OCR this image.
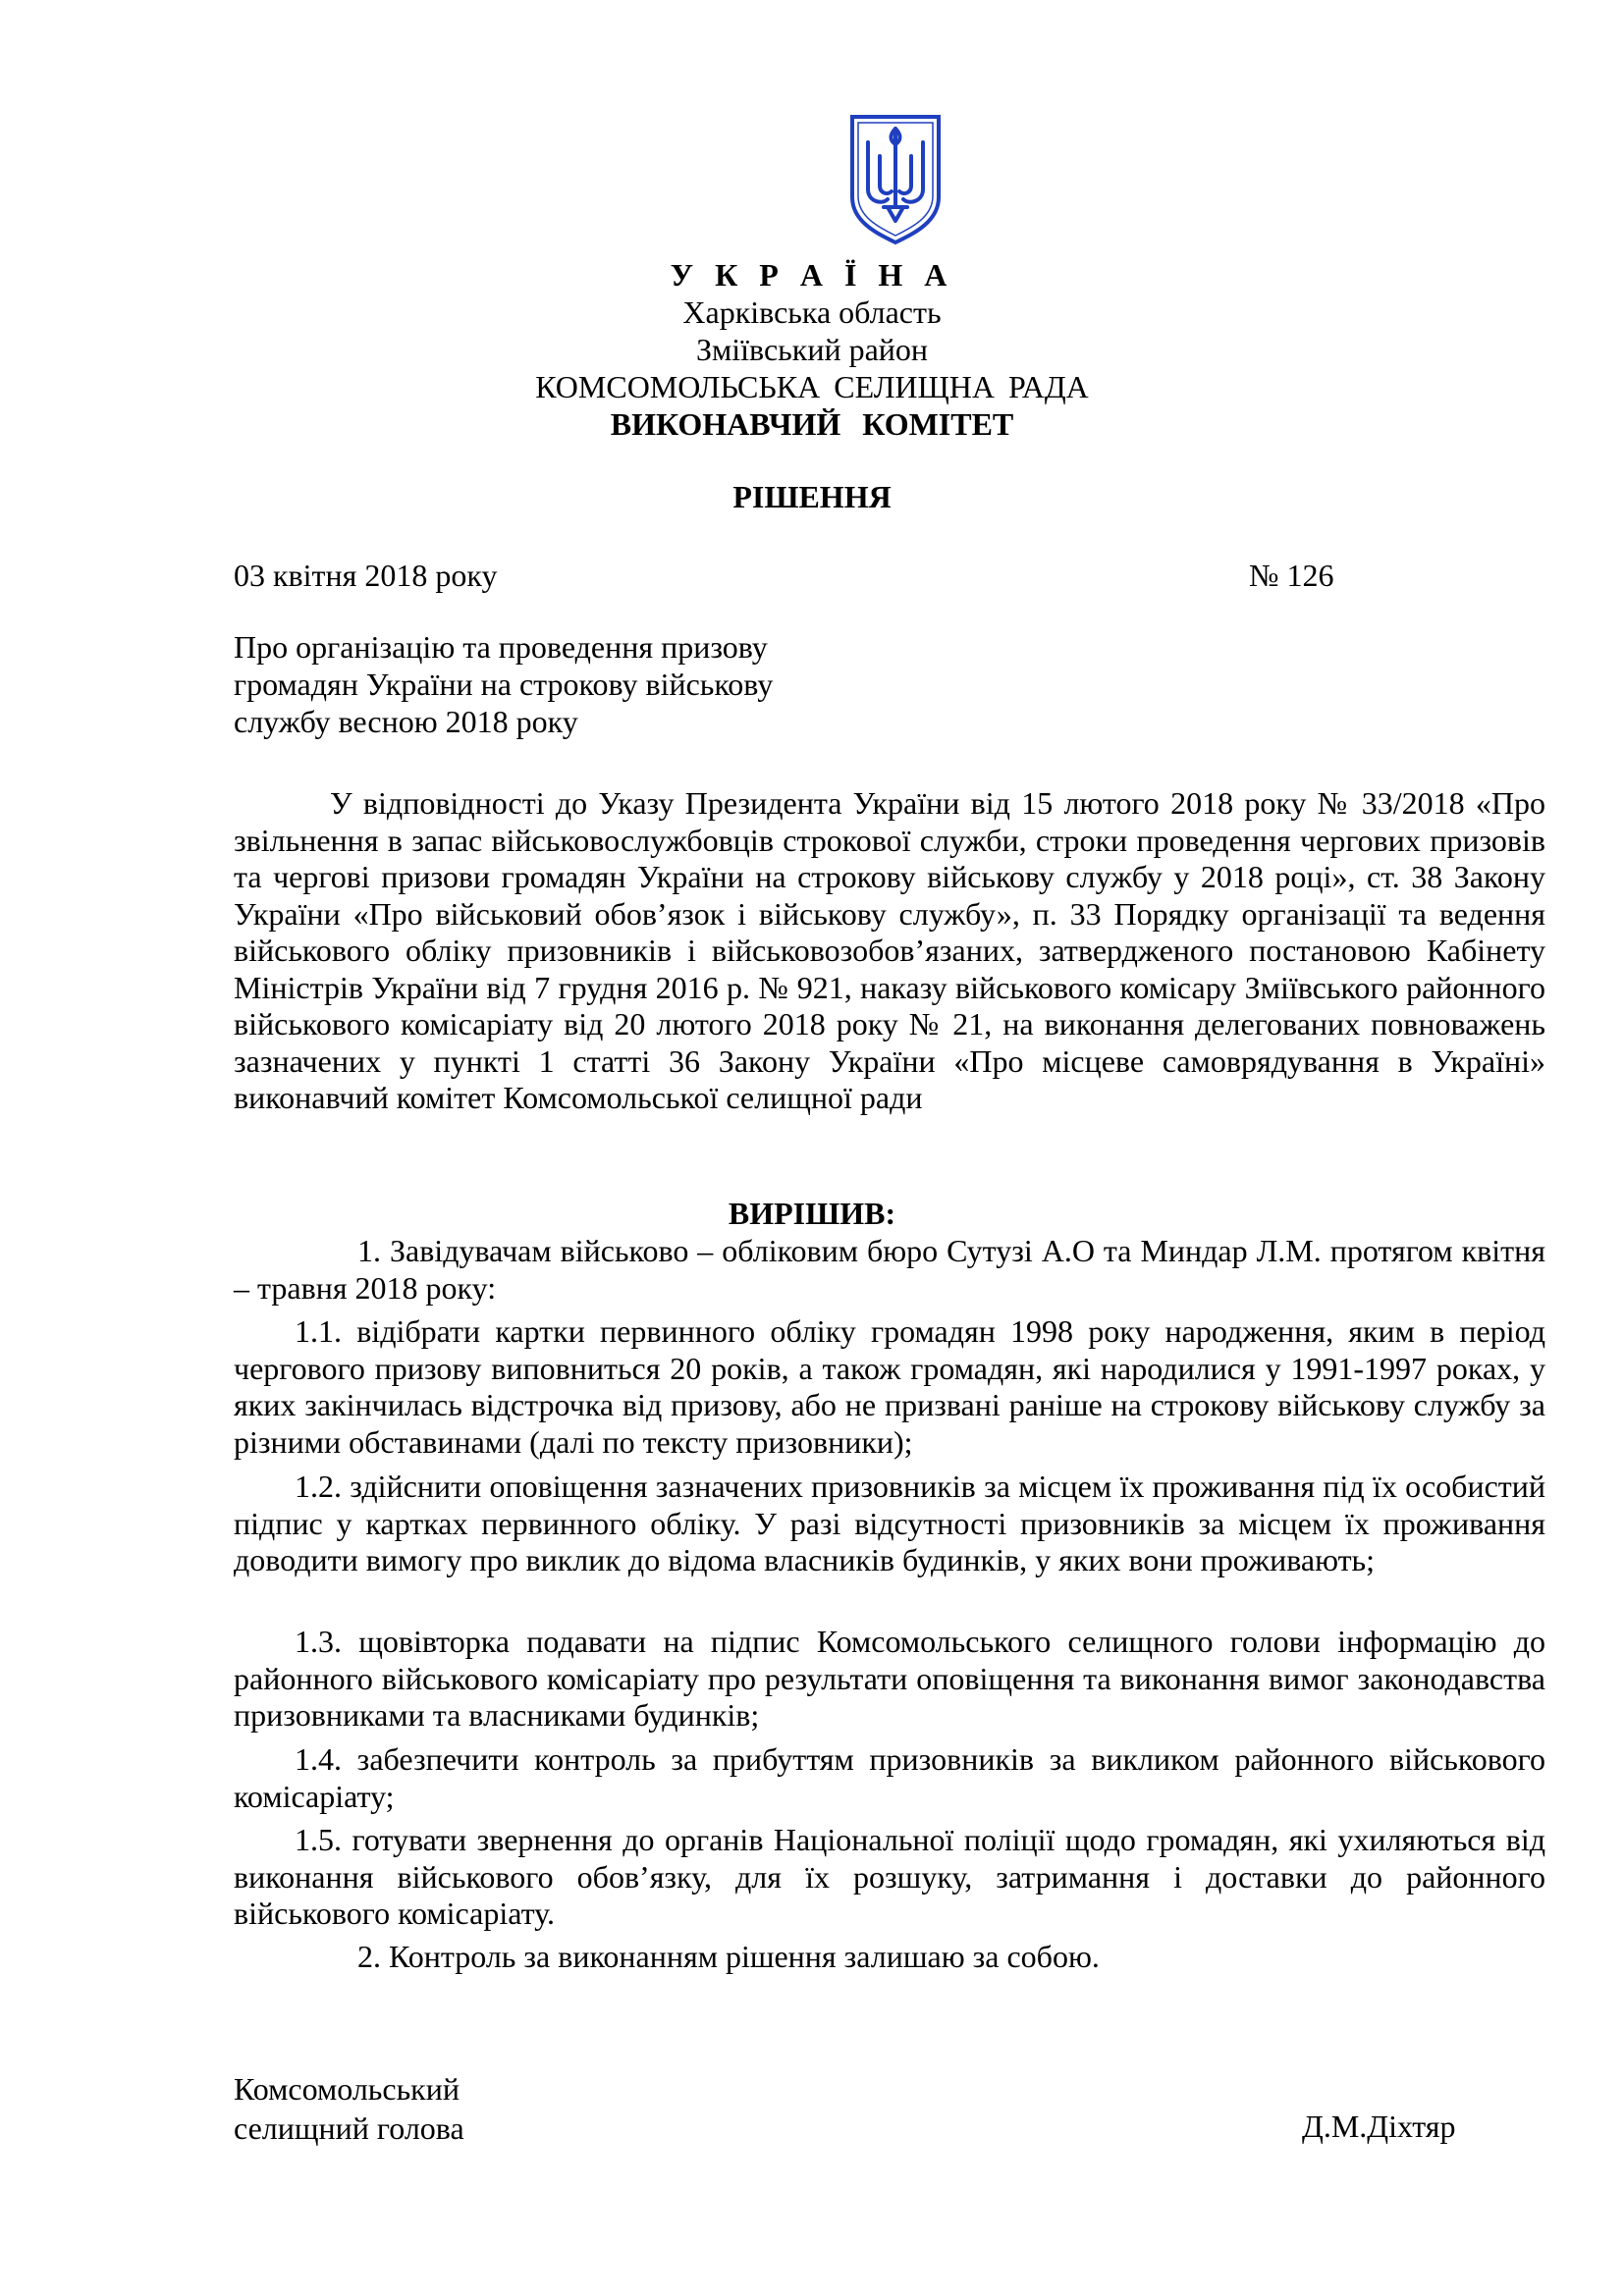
У К Р А Ї Н А
Харківська область
Зміївський район
КОМСОМОЛЬСЬКА СЕЛИЩНА РАДА
ВИКОНАВЧИЙ КОМІТЕТ
РІШЕННЯ
03 квітня 2018 року	№ 126
Про організацію та проведення призову
громадян України на строкову військову
службу весною 2018 року
У відповідності до Указу Президента України від 15 лютого 2018 року № 33/2018 «Про звільнення в запас військовослужбовців строкової служби, строки проведення чергових призовів та чергові призови громадян України на строкову військову службу у 2018 році», ст. 38 Закону України «Про військовий обов’язок і військову службу», п. 33 Порядку організації та ведення військового обліку призовників і військовозобов’язаних, затвердженого постановою Кабінету Міністрів України від 7 грудня 2016 р. № 921, наказу військового комісару Зміївського районного військового комісаріату від 20 лютого 2018 року № 21, на виконання делегованих повноважень зазначених у пункті 1 статті 36 Закону України «Про місцеве самоврядування в Україні» виконавчий комітет Комсомольської селищної ради
ВИРІШИВ:
1. Завідувачам військово – обліковим бюро Сутузі А.О та Миндар Л.М. протягом квітня – травня 2018 року:
1.1. відібрати картки первинного обліку громадян 1998 року народження, яким в період чергового призову виповниться 20 років, а також громадян, які народилися у 1991-1997 роках, у яких закінчилась відстрочка від призову, або не призвані раніше на строкову військову службу за різними обставинами (далі по тексту призовники);
1.2. здійснити оповіщення зазначених призовників за місцем їх проживання під їх особистий підпис у картках первинного обліку. У разі відсутності призовників за місцем їх проживання доводити вимогу про виклик до відома власників будинків, у яких вони проживають;
1.3. щовівторка подавати на підпис Комсомольського селищного голови інформацію до районного військового комісаріату про результати оповіщення та виконання вимог законодавства призовниками та власниками будинків;
1.4. забезпечити контроль за прибуттям призовників за викликом районного військового комісаріату;
1.5. готувати звернення до органів Національної поліції щодо громадян, які ухиляються від виконання військового обов’язку, для їх розшуку, затримання і доставки до районного військового комісаріату.
2. Контроль за виконанням рішення залишаю за собою.
Комсомольський
селищний голова	Д.М.Діхтяр
